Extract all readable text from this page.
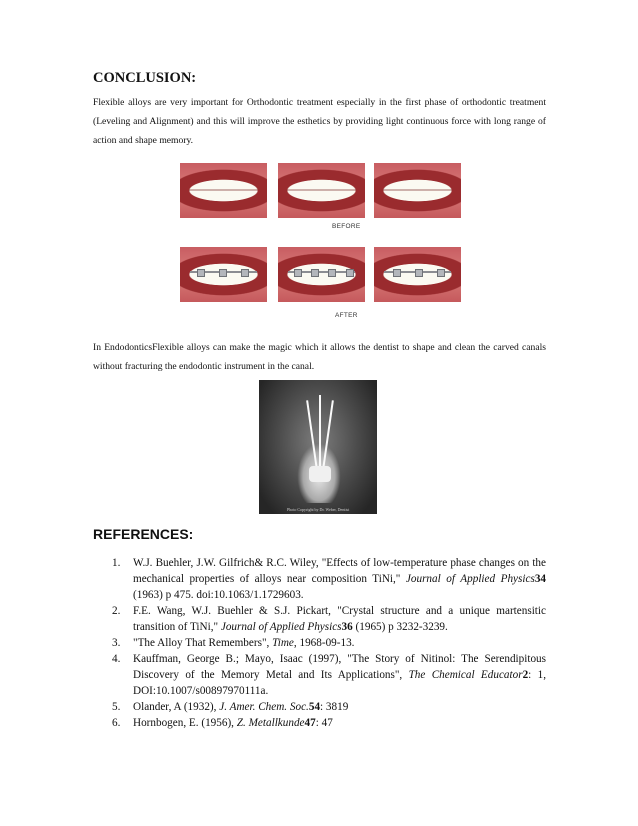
CONCLUSION:
Flexible alloys are very important for Orthodontic treatment especially in the first phase of orthodontic treatment (Leveling and Alignment) and this will improve the esthetics by providing light continuous force with long range of action and shape memory.
BEFORE
AFTER
In EndodonticsFlexible alloys can make the magic which it allows the dentist to shape and clean the carved canals without fracturing the endodontic instrument in the canal.
Photo Copyright by Dr. Weber, Dentist
REFERENCES:
1. W.J. Buehler, J.W. Gilfrich& R.C. Wiley, "Effects of low-temperature phase changes on the mechanical properties of alloys near composition TiNi," Journal of Applied Physics34 (1963) p 475. doi:10.1063/1.1729603.
2. F.E. Wang, W.J. Buehler & S.J. Pickart, "Crystal structure and a unique martensitic transition of TiNi," Journal of Applied Physics36 (1965) p 3232-3239.
3. "The Alloy That Remembers", Time, 1968-09-13.
4. Kauffman, George B.; Mayo, Isaac (1997), "The Story of Nitinol: The Serendipitous Discovery of the Memory Metal and Its Applications", The Chemical Educator2: 1, DOI:10.1007/s00897970111a.
5. Olander, A (1932), J. Amer. Chem. Soc.54: 3819
6. Hornbogen, E. (1956), Z. Metallkunde47: 47
